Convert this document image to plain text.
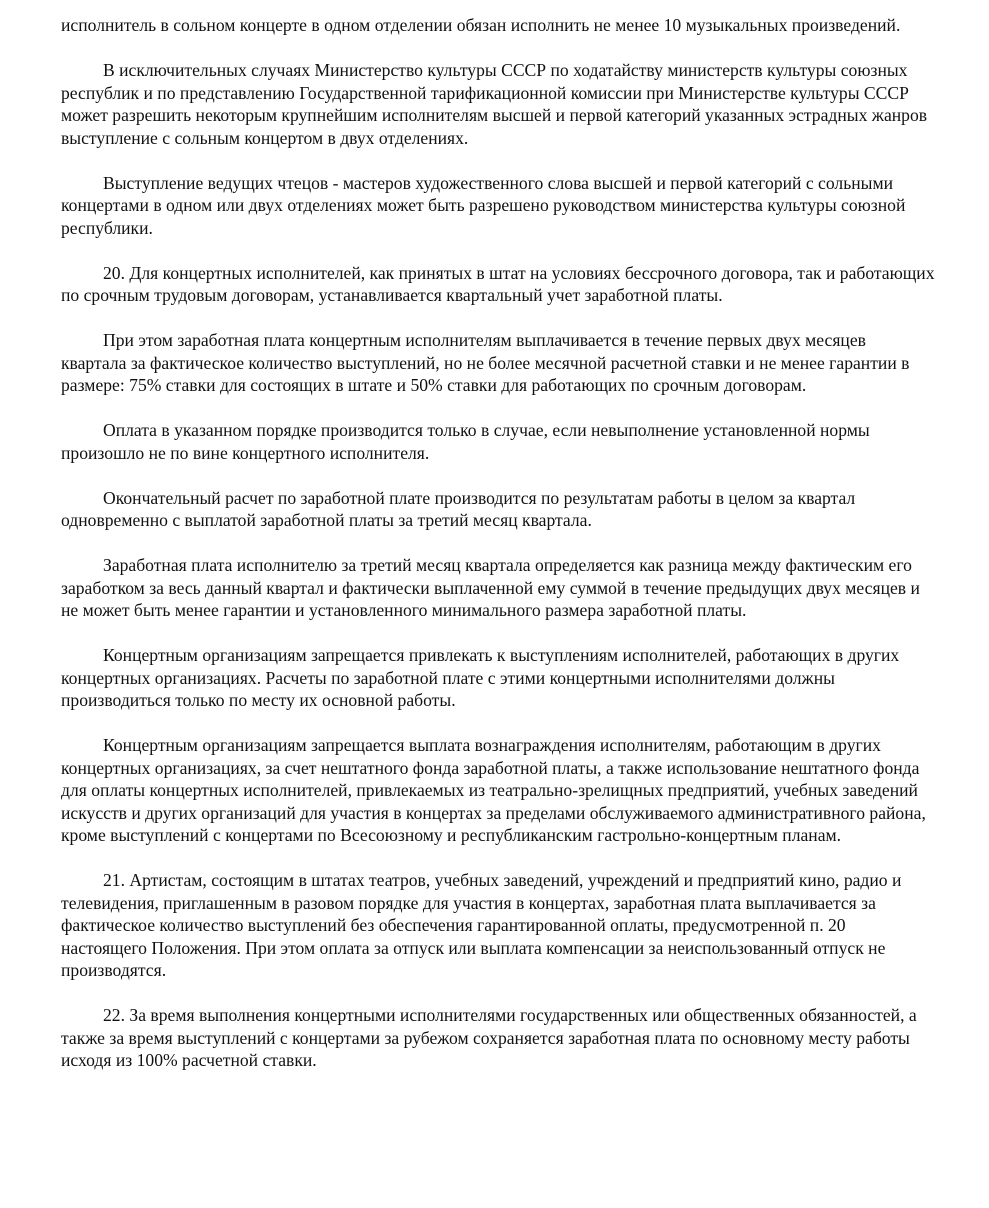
исполнитель в сольном концерте в одном отделении обязан исполнить не менее 10 музыкальных произведений.

В исключительных случаях Министерство культуры СССР по ходатайству министерств культуры союзных республик и по представлению Государственной тарификационной комиссии при Министерстве культуры СССР может разрешить некоторым крупнейшим исполнителям высшей и первой категорий указанных эстрадных жанров выступление с сольным концертом в двух отделениях.

Выступление ведущих чтецов - мастеров художественного слова высшей и первой категорий с сольными концертами в одном или двух отделениях может быть разрешено руководством министерства культуры союзной республики.

20. Для концертных исполнителей, как принятых в штат на условиях бессрочного договора, так и работающих по срочным трудовым договорам, устанавливается квартальный учет заработной платы.

При этом заработная плата концертным исполнителям выплачивается в течение первых двух месяцев квартала за фактическое количество выступлений, но не более месячной расчетной ставки и не менее гарантии в размере: 75% ставки для состоящих в штате и 50% ставки для работающих по срочным договорам.

Оплата в указанном порядке производится только в случае, если невыполнение установленной нормы произошло не по вине концертного исполнителя.

Окончательный расчет по заработной плате производится по результатам работы в целом за квартал одновременно с выплатой заработной платы за третий месяц квартала.

Заработная плата исполнителю за третий месяц квартала определяется как разница между фактическим его заработком за весь данный квартал и фактически выплаченной ему суммой в течение предыдущих двух месяцев и не может быть менее гарантии и установленного минимального размера заработной платы.

Концертным организациям запрещается привлекать к выступлениям исполнителей, работающих в других концертных организациях. Расчеты по заработной плате с этими концертными исполнителями должны производиться только по месту их основной работы.

Концертным организациям запрещается выплата вознаграждения исполнителям, работающим в других концертных организациях, за счет нештатного фонда заработной платы, а также использование нештатного фонда для оплаты концертных исполнителей, привлекаемых из театрально-зрелищных предприятий, учебных заведений искусств и других организаций для участия в концертах за пределами обслуживаемого административного района, кроме выступлений с концертами по Всесоюзному и республиканским гастрольно-концертным планам.

21. Артистам, состоящим в штатах театров, учебных заведений, учреждений и предприятий кино, радио и телевидения, приглашенным в разовом порядке для участия в концертах, заработная плата выплачивается за фактическое количество выступлений без обеспечения гарантированной оплаты, предусмотренной п. 20 настоящего Положения. При этом оплата за отпуск или выплата компенсации за неиспользованный отпуск не производятся.

22. За время выполнения концертными исполнителями государственных или общественных обязанностей, а также за время выступлений с концертами за рубежом сохраняется заработная плата по основному месту работы исходя из 100% расчетной ставки.
